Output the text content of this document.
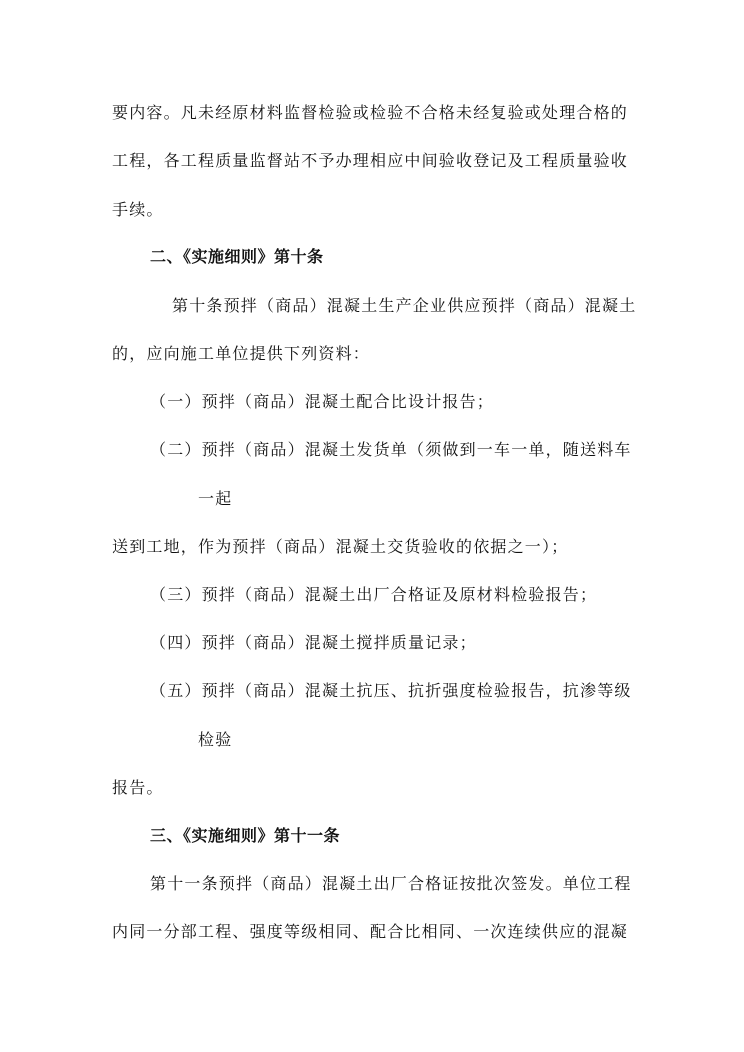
要内容。凡未经原材料监督检验或检验不合格未经复验或处理合格的
工程，各工程质量监督站不予办理相应中间验收登记及工程质量验收
手续。
二、《实施细则》第十条
第十条预拌（商品）混凝土生产企业供应预拌（商品）混凝土
的，应向施工单位提供下列资料：
（一）预拌（商品）混凝土配合比设计报告；
（二）预拌（商品）混凝土发货单（须做到一车一单，随送料车
一起
送到工地，作为预拌（商品）混凝土交货验收的依据之一）；
（三）预拌（商品）混凝土出厂合格证及原材料检验报告；
（四）预拌（商品）混凝土搅拌质量记录；
（五）预拌（商品）混凝土抗压、抗折强度检验报告，抗渗等级
检验
报告。
三、《实施细则》第十一条
第十一条预拌（商品）混凝土出厂合格证按批次签发。单位工程
内同一分部工程、强度等级相同、配合比相同、一次连续供应的混凝
